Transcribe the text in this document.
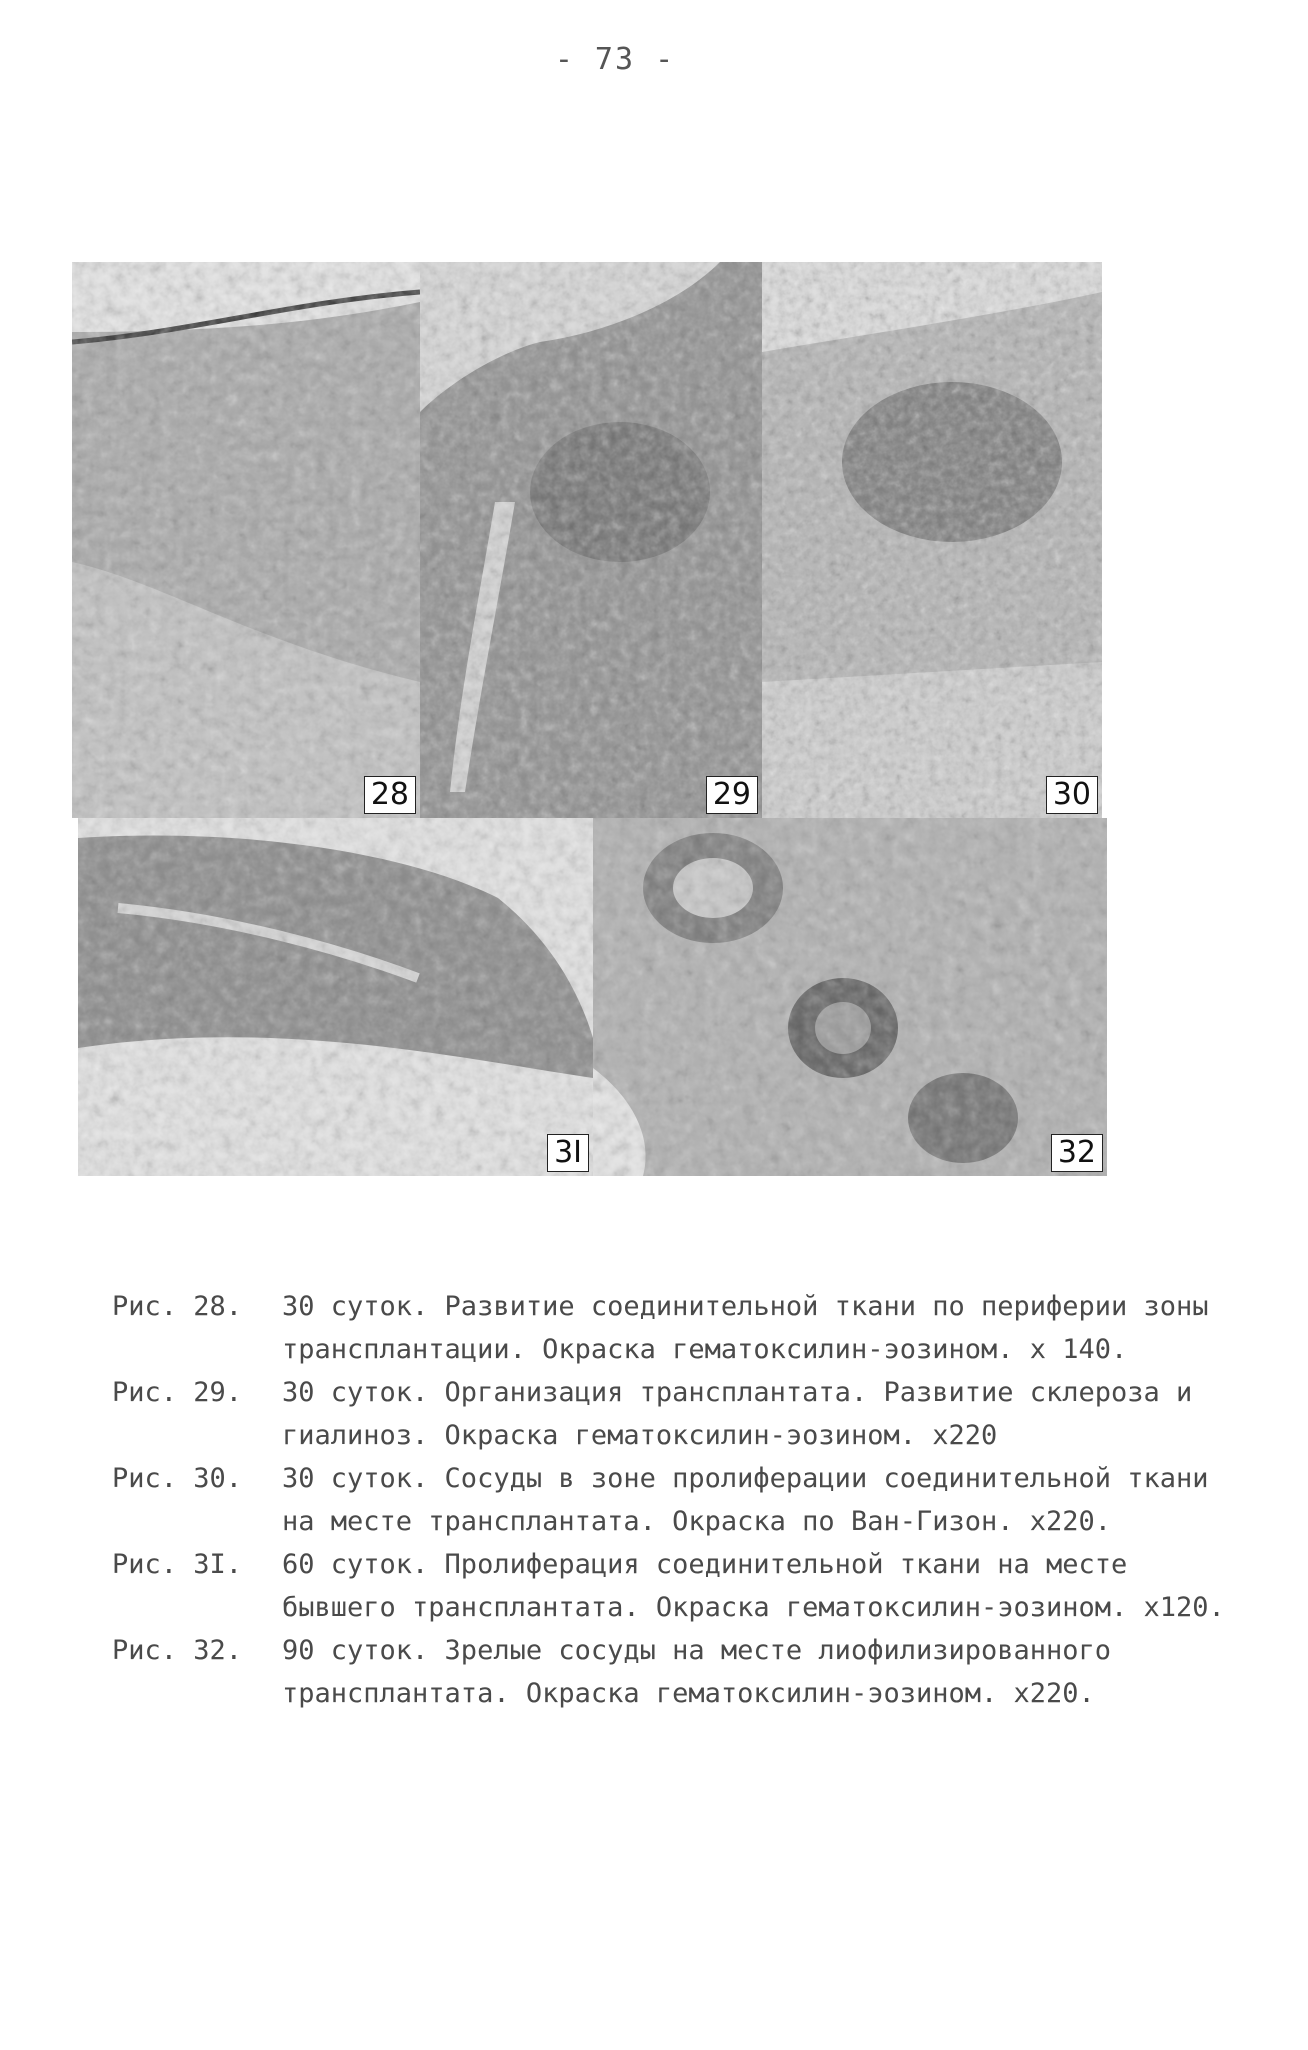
- 73 -
28	29	30
3I	32
Рис. 28.	30 суток. Развитие соединительной ткани по периферии зоны трансплантации. Окраска гематоксилин-эозином. х 140.
Рис. 29.	30 суток. Организация трансплантата. Развитие склероза и гиалиноз. Окраска гематоксилин-эозином. х220
Рис. 30.	30 суток. Сосуды в зоне пролиферации соединительной ткани на месте трансплантата. Окраска по Ван-Гизон. х220.
Рис. 3I.	60 суток. Пролиферация соединительной ткани на месте бывшего трансплантата. Окраска гематоксилин-эозином. х120.
Рис. 32.	90 суток. Зрелые сосуды на месте лиофилизированного трансплантата. Окраска гематоксилин-эозином. х220.
